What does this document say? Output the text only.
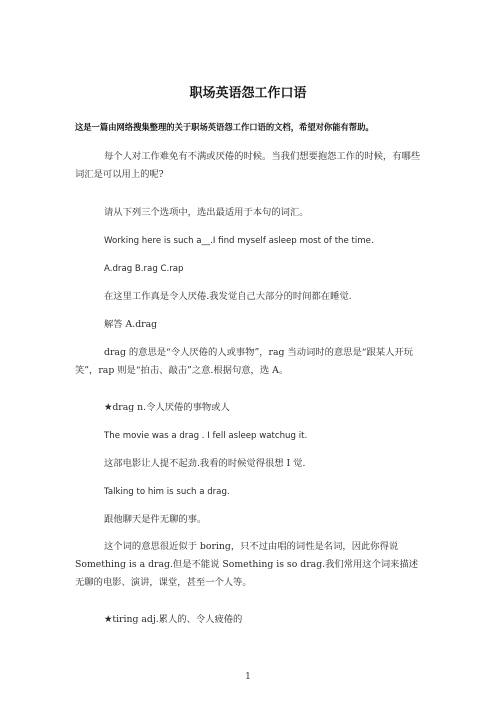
职场英语怨工作口语
这是一篇由网络搜集整理的关于职场英语怨工作口语的文档，希望对你能有帮助。
每个人对工作难免有不满或厌倦的时候。当我们想要抱怨工作的时候，有哪些词汇是可以用上的呢?
请从下列三个选项中，选出最适用于本句的词汇。
Working here is such a__.I find myself asleep most of the time.
A.drag B.rag C.rap
在这里工作真是令人厌倦.我发觉自己大部分的时间都在睡觉.
解答 A.drag
drag 的意思是“令人厌倦的人或事物”，rag 当动词时的意思是“跟某人开玩笑”，rap 则是“拍击、敲击”之意.根据句意，选 A。
★drag n.令人厌倦的事物或人
The movie was a drag . I fell asleep watchug it.
这部电影让人提不起劲.我看的时候觉得很想 I 觉.
Talking to him is such a drag.
跟他聊天是件无聊的事。
这个词的意思很近似于 boring，只不过由唱的词性是名词，因此你得说 Something is a drag.但是不能说 Something is so drag.我们常用这个词来描述无聊的电影、演讲，课堂，甚至一个人等。
★tiring adj.累人的、令人疲倦的
1
